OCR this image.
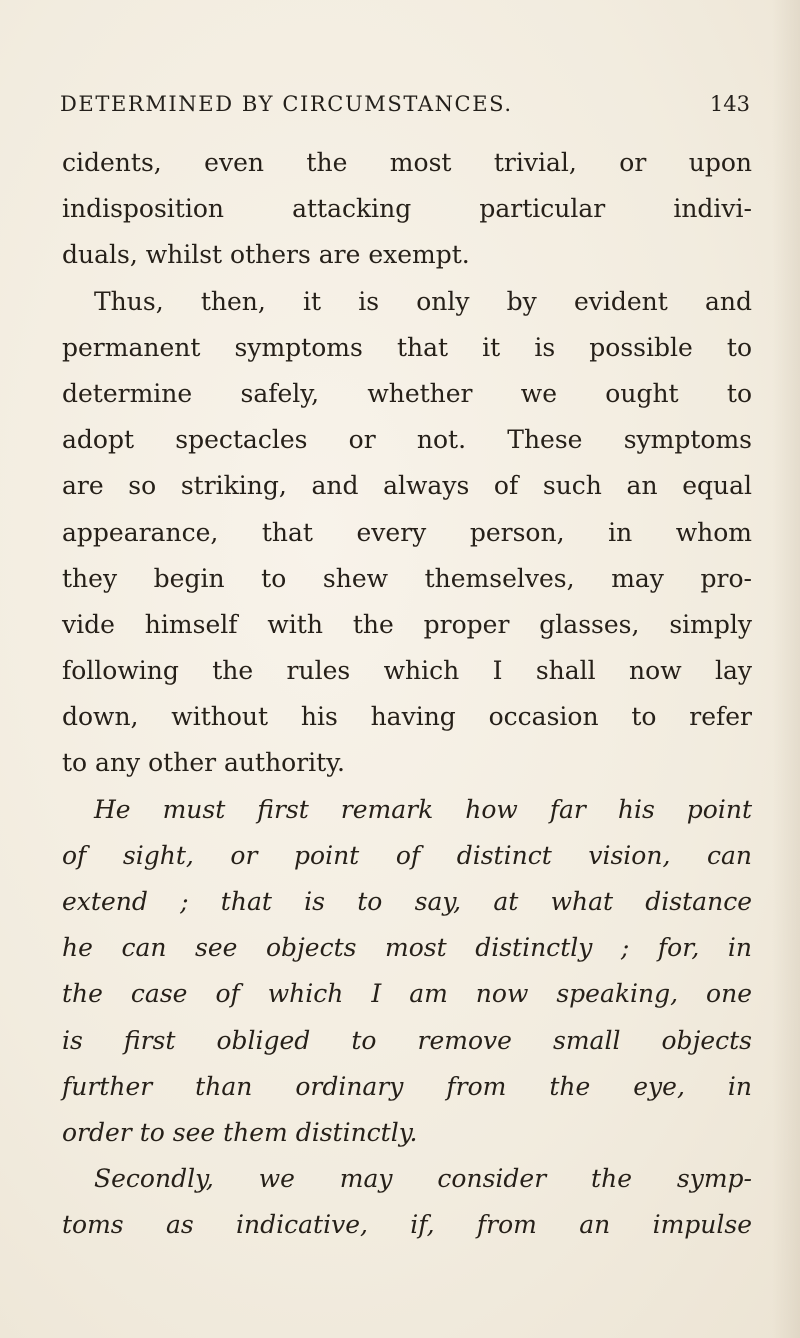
DETERMINED BY CIRCUMSTANCES.	143
cidents, even the most trivial, or upon
indisposition attacking particular indivi-
duals, whilst others are exempt.
Thus, then, it is only by evident and
permanent symptoms that it is possible to
determine safely, whether we ought to
adopt spectacles or not. These symptoms
are so striking, and always of such an equal
appearance, that every person, in whom
they begin to shew themselves, may pro-
vide himself with the proper glasses, simply
following the rules which I shall now lay
down, without his having occasion to refer
to any other authority.
He must first remark how far his point
of sight, or point of distinct vision, can
extend ; that is to say, at what distance
he can see objects most distinctly ; for, in
the case of which I am now speaking, one
is first obliged to remove small objects
further than ordinary from the eye, in
order to see them distinctly.
Secondly, we may consider the symp-
toms as indicative, if, from an impulse
